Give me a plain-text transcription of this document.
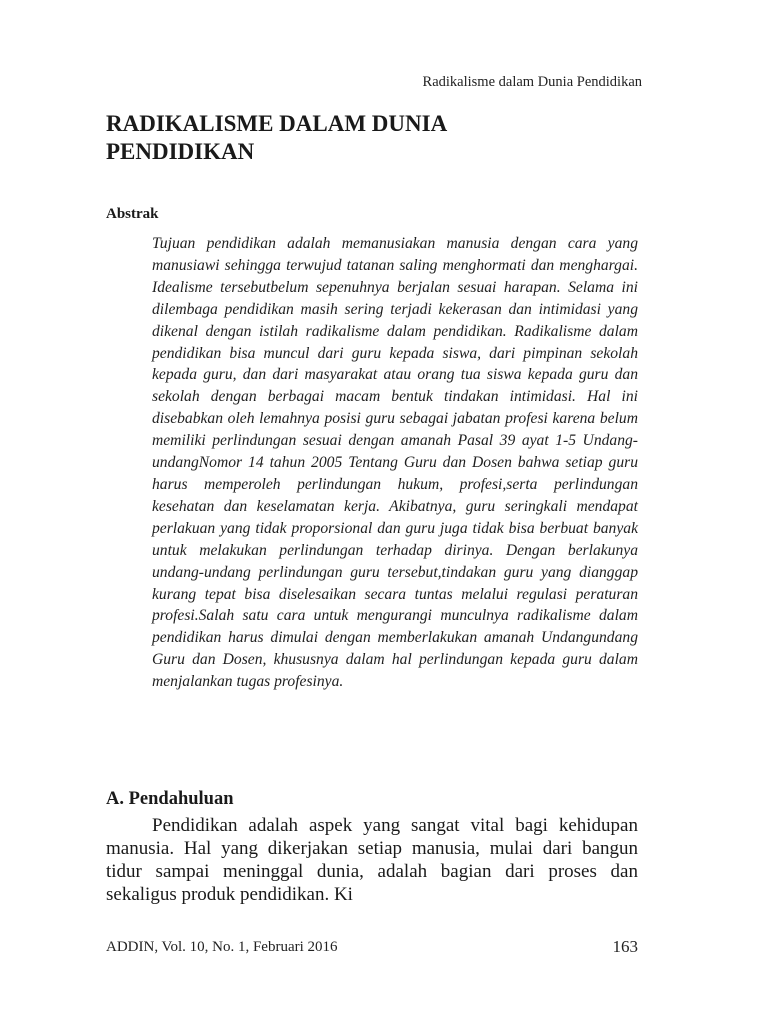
Radikalisme dalam Dunia Pendidikan
RADIKALISME DALAM DUNIA PENDIDIKAN
Abstrak

Tujuan pendidikan adalah memanusiakan manusia dengan cara yang manusiawi sehingga terwujud tatanan saling menghormati dan menghargai. Idealisme tersebutbelum sepenuhnya berjalan sesuai harapan. Selama ini dilembaga pendidikan masih sering terjadi kekerasan dan intimidasi yang dikenal dengan istilah radikalisme dalam pendidikan. Radikalisme dalam pendidikan bisa muncul dari guru kepada siswa, dari pimpinan sekolah kepada guru, dan dari masyarakat atau orang tua siswa kepada guru dan sekolah dengan berbagai macam bentuk tindakan intimidasi. Hal ini disebabkan oleh lemahnya posisi guru sebagai jabatan profesi karena belum memiliki perlindungan sesuai dengan amanah Pasal 39 ayat 1-5 Undang-undangNomor 14 tahun 2005 Tentang Guru dan Dosen bahwa setiap guru harus memperoleh perlindungan hukum, profesi,serta perlindungan kesehatan dan keselamatan kerja. Akibatnya, guru seringkali mendapat perlakuan yang tidak proporsional dan guru juga tidak bisa berbuat banyak untuk melakukan perlindungan terhadap dirinya. Dengan berlakunya undang-undang perlindungan guru tersebut,tindakan guru yang dianggap kurang tepat bisa diselesaikan secara tuntas melalui regulasi peraturan profesi.Salah satu cara untuk mengurangi munculnya radikalisme dalam pendidikan harus dimulai dengan memberlakukan amanah Undangundang Guru dan Dosen, khususnya dalam hal perlindungan kepada guru dalam menjalankan tugas profesinya.

A. Pendahuluan

Pendidikan adalah aspek yang sangat vital bagi kehidupan manusia. Hal yang dikerjakan setiap manusia, mulai dari bangun tidur sampai meninggal dunia, adalah bagian dari proses dan sekaligus produk pendidikan. Ki

ADDIN, Vol. 10, No. 1, Februari 2016	163
